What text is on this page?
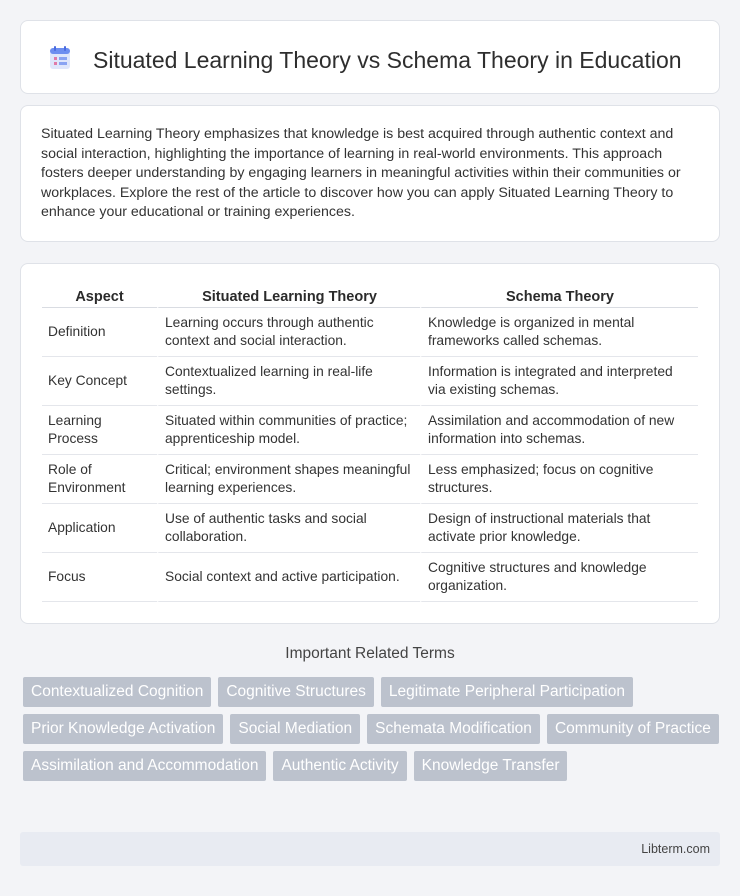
Situated Learning Theory vs Schema Theory in Education

Situated Learning Theory emphasizes that knowledge is best acquired through authentic context and social interaction, highlighting the importance of learning in real-world environments. This approach fosters deeper understanding by engaging learners in meaningful activities within their communities or workplaces. Explore the rest of the article to discover how you can apply Situated Learning Theory to enhance your educational or training experiences.

Aspect	Situated Learning Theory	Schema Theory
Definition	Learning occurs through authentic context and social interaction.	Knowledge is organized in mental frameworks called schemas.
Key Concept	Contextualized learning in real-life settings.	Information is integrated and interpreted via existing schemas.
Learning Process	Situated within communities of practice; apprenticeship model.	Assimilation and accommodation of new information into schemas.
Role of Environment	Critical; environment shapes meaningful learning experiences.	Less emphasized; focus on cognitive structures.
Application	Use of authentic tasks and social collaboration.	Design of instructional materials that activate prior knowledge.
Focus	Social context and active participation.	Cognitive structures and knowledge organization.
Important Related Terms
Contextualized Cognition	Cognitive Structures	Legitimate Peripheral Participation
Prior Knowledge Activation	Social Mediation	Schemata Modification	Community of Practice
Assimilation and Accommodation	Authentic Activity	Knowledge Transfer
Libterm.com
